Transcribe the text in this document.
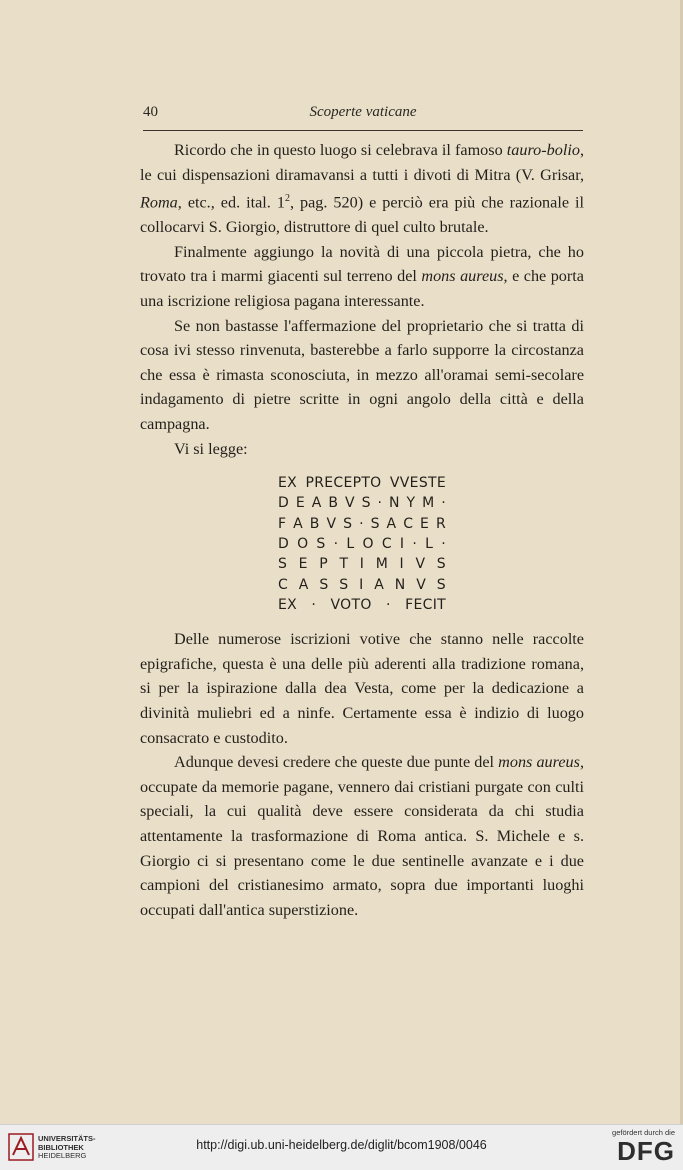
40	Scoperte vaticane

Ricordo che in questo luogo si celebrava il famoso tauro-bolio, le cui dispensazioni diramavansi a tutti i divoti di Mitra (V. Grisar, Roma, etc., ed. ital. $1^2$, pag. 520) e perciò era più che razionale il collocarvi S. Giorgio, distruttore di quel culto brutale.

Finalmente aggiungo la novità di una piccola pietra, che ho trovato tra i marmi giacenti sul terreno del mons aureus, e che porta una iscrizione religiosa pagana interessante.

Se non bastasse l'affermazione del proprietario che si tratta di cosa ivi stesso rinvenuta, basterebbe a farlo supporre la circostanza che essa è rimasta sconosciuta, in mezzo all'oramai semi-secolare indagamento di pietre scritte in ogni angolo della città e della campagna.

Vi si legge:

EX PRECEPTO VVESTE
D E A B V S · N Y M ·
F A B V S · S A C E R
D O S · L O C I · L ·
S E P T I M I V S
C A S S I A N V S
EX · VOTO · FECIT

Delle numerose iscrizioni votive che stanno nelle raccolte epigrafiche, questa è una delle più aderenti alla tradizione romana, si per la ispirazione dalla dea Vesta, come per la dedicazione a divinità muliebri ed a ninfe. Certamente essa è indizio di luogo consacrato e custodito.

Adunque devesi credere che queste due punte del mons aureus, occupate da memorie pagane, vennero dai cristiani purgate con culti speciali, la cui qualità deve essere considerata da chi studia attentamente la trasformazione di Roma antica. S. Michele e s. Giorgio ci si presentano come le due sentinelle avanzate e i due campioni del cristianesimo armato, sopra due importanti luoghi occupati dall'antica superstizione.

UNIVERSITÄTS-
BIBLIOTHEK
HEIDELBERG
http://digi.ub.uni-heidelberg.de/diglit/bcom1908/0046
gefördert durch die
DFG
